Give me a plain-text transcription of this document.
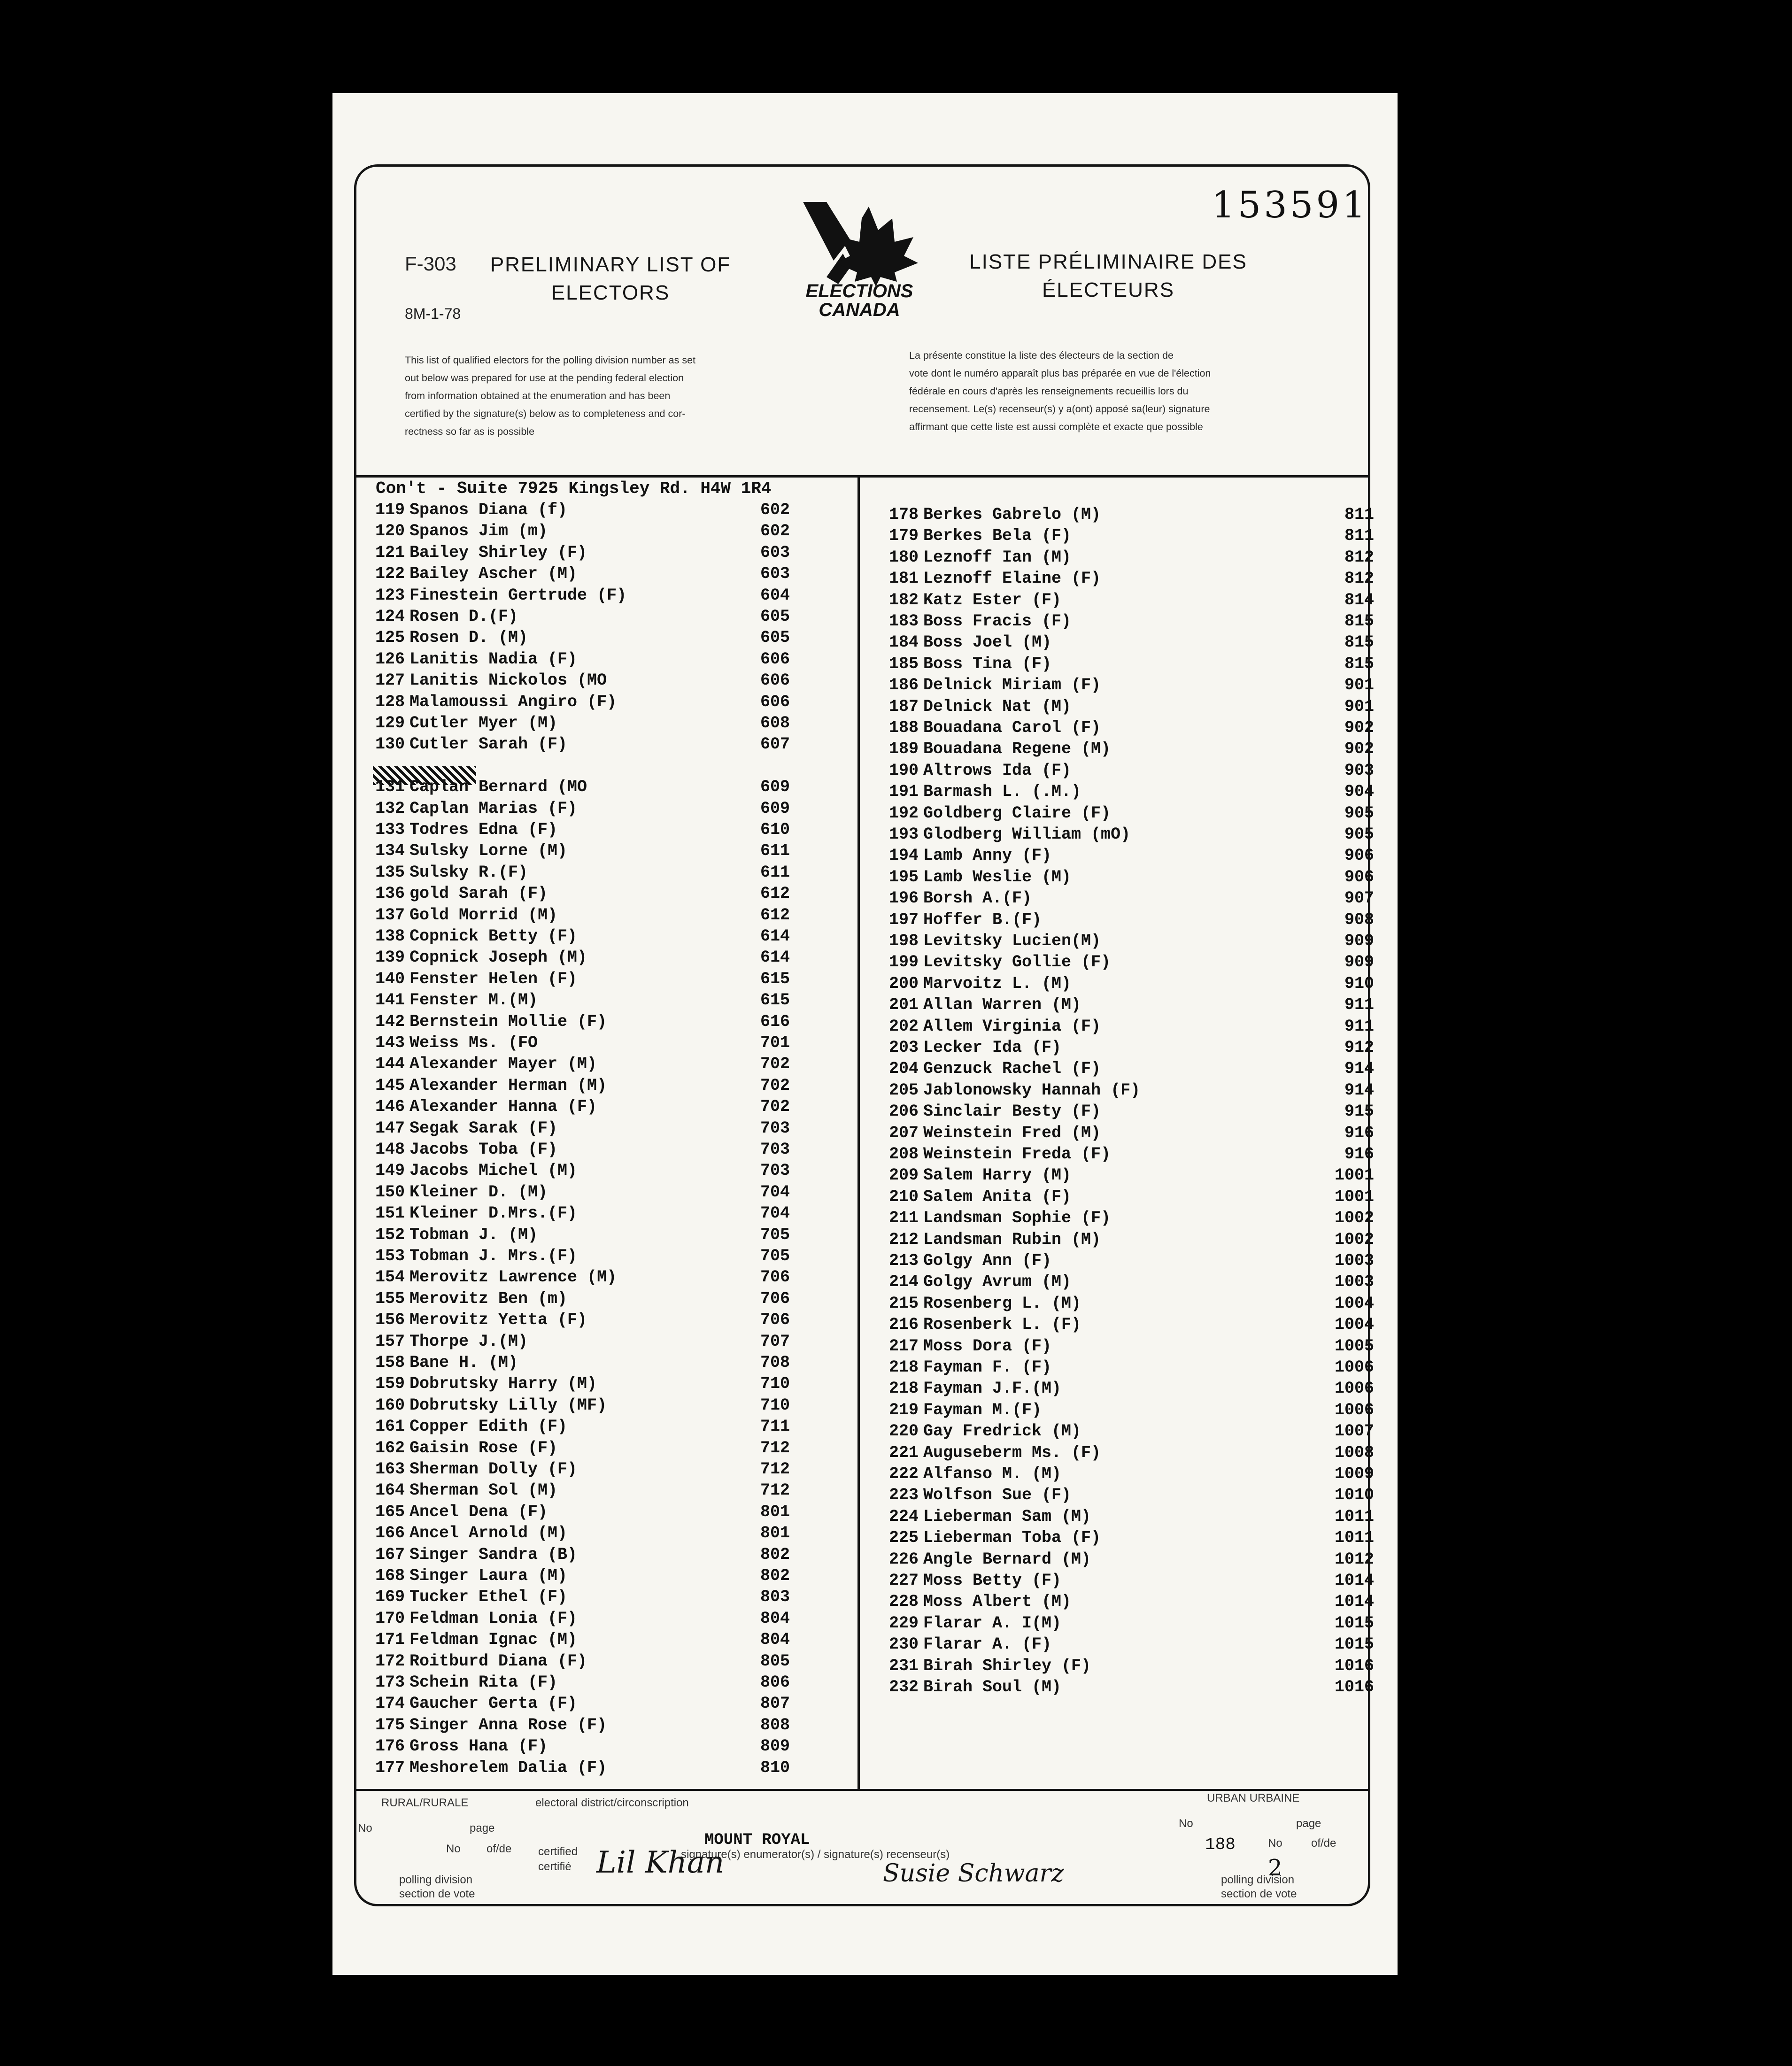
153591
F-303
8M-1-78
PRELIMINARY LIST OF
ELECTORS
LISTE PRÉLIMINAIRE DES
ÉLECTEURS
ELECTIONS
CANADA
This list of qualified electors for the polling division number as set
out below was prepared for use at the pending federal election
from information obtained at the enumeration and has been
certified by the signature(s) below as to completeness and cor-
rectness so far as is possible
La présente constitue la liste des électeurs de la section de
vote dont le numéro apparaît plus bas préparée en vue de l'élection
fédérale en cours d'après les renseignements recueillis lors du
recensement. Le(s) recenseur(s) y a(ont) apposé sa(leur) signature
affirmant que cette liste est aussi complète et exacte que possible
Con't - Suite 7925 Kingsley Rd. H4W 1R4
119 Spanos Diana (f)	602
120 Spanos Jim (m)	602
121 Bailey Shirley (F)	603
122 Bailey Ascher (M)	603
123 Finestein Gertrude (F)	604
124 Rosen D.(F)	605
125 Rosen D. (M)	605
126 Lanitis Nadia (F)	606
127 Lanitis Nickolos (MO	606
128 Malamoussi Angiro (F)	606
129 Cutler Myer (M)	608
130 Cutler Sarah (F)	607
131 Caplan Bernard (MO	609
132 Caplan Marias (F)	609
133 Todres Edna (F)	610
134 Sulsky Lorne (M)	611
135 Sulsky R.(F)	611
136 gold Sarah (F)	612
137 Gold Morrid (M)	612
138 Copnick Betty (F)	614
139 Copnick Joseph (M)	614
140 Fenster Helen (F)	615
141 Fenster M.(M)	615
142 Bernstein Mollie (F)	616
143 Weiss Ms. (FO	701
144 Alexander Mayer (M)	702
145 Alexander Herman (M)	702
146 Alexander Hanna (F)	702
147 Segak Sarak (F)	703
148 Jacobs Toba (F)	703
149 Jacobs Michel (M)	703
150 Kleiner D. (M)	704
151 Kleiner D.Mrs.(F)	704
152 Tobman J. (M)	705
153 Tobman J. Mrs.(F)	705
154 Merovitz Lawrence (M)	706
155 Merovitz Ben (m)	706
156 Merovitz Yetta (F)	706
157 Thorpe J.(M)	707
158 Bane H. (M)	708
159 Dobrutsky Harry (M)	710
160 Dobrutsky Lilly (MF)	710
161 Copper Edith (F)	711
162 Gaisin Rose (F)	712
163 Sherman Dolly (F)	712
164 Sherman Sol (M)	712
165 Ancel Dena (F)	801
166 Ancel Arnold (M)	801
167 Singer Sandra (B)	802
168 Singer Laura (M)	802
169 Tucker Ethel (F)	803
170 Feldman Lonia (F)	804
171 Feldman Ignac (M)	804
172 Roitburd Diana (F)	805
173 Schein Rita (F)	806
174 Gaucher Gerta (F)	807
175 Singer Anna Rose (F)	808
176 Gross Hana (F)	809
177 Meshorelem Dalia (F)	810
178 Berkes Gabrelo (M)	811
179 Berkes Bela (F)	811
180 Leznoff Ian (M)	812
181 Leznoff Elaine (F)	812
182 Katz Ester (F)	814
183 Boss Fracis (F)	815
184 Boss Joel (M)	815
185 Boss Tina (F)	815
186 Delnick Miriam (F)	901
187 Delnick Nat (M)	901
188 Bouadana Carol (F)	902
189 Bouadana Regene (M)	902
190 Altrows Ida (F)	903
191 Barmash L. (.M.)	904
192 Goldberg Claire (F)	905
193 Glodberg William (mO)	905
194 Lamb Anny (F)	906
195 Lamb Weslie (M)	906
196 Borsh A.(F)	907
197 Hoffer B.(F)	908
198 Levitsky Lucien(M)	909
199 Levitsky Gollie (F)	909
200 Marvoitz L. (M)	910
201 Allan Warren (M)	911
202 Allem Virginia (F)	911
203 Lecker Ida (F)	912
204 Genzuck Rachel (F)	914
205 Jablonowsky Hannah (F)	914
206 Sinclair Besty (F)	915
207 Weinstein Fred (M)	916
208 Weinstein Freda (F)	916
209 Salem Harry (M)	1001
210 Salem Anita (F)	1001
211 Landsman Sophie (F)	1002
212 Landsman Rubin (M)	1002
213 Golgy Ann (F)	1003
214 Golgy Avrum (M)	1003
215 Rosenberg L. (M)	1004
216 Rosenberk L. (F)	1004
217 Moss Dora (F)	1005
218 Fayman F. (F)	1006
218 Fayman J.F.(M)	1006
219 Fayman M.(F)	1006
220 Gay Fredrick (M)	1007
221 Auguseberm Ms. (F)	1008
222 Alfanso M. (M)	1009
223 Wolfson Sue (F)	1010
224 Lieberman Sam (M)	1011
225 Lieberman Toba (F)	1011
226 Angle Bernard (M)	1012
227 Moss Betty (F)	1014
228 Moss Albert (M)	1014
229 Flarar A. I(M)	1015
230 Flarar A. (F)	1015
231 Birah Shirley (F)	1016
232 Birah Soul (M)	1016
RURAL/RURALE	electoral district/circonscription	URBAN URBAINE
No	page
No of/de certified
certifié
MOUNT ROYAL
signature(s) enumerator(s) / signature(s) recenseur(s)
polling division
section de vote
No	page
188	No	of/de
2
polling division
section de vote
Lil Khan	Susie Schwarz
